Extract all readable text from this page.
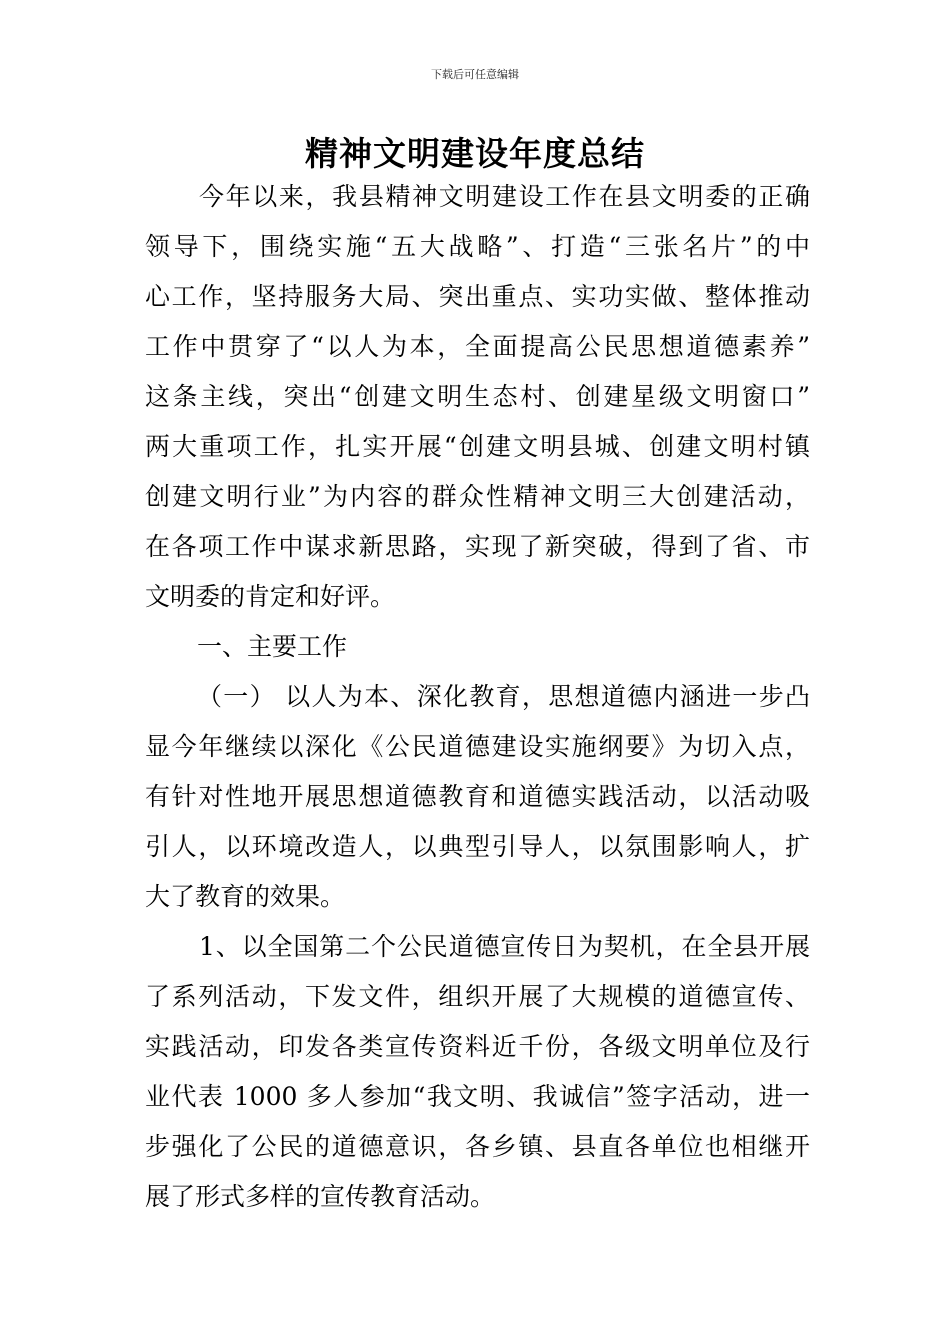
下载后可任意编辑
精神文明建设年度总结
今年以来，我县精神文明建设工作在县文明委的正确
领导下，围绕实施“五大战略”、打造“三张名片”的中
心工作，坚持服务大局、突出重点、实功实做、整体推动
工作中贯穿了“以人为本，全面提高公民思想道德素养”
这条主线，突出“创建文明生态村、创建星级文明窗口”
两大重项工作，扎实开展“创建文明县城、创建文明村镇
创建文明行业”为内容的群众性精神文明三大创建活动，
在各项工作中谋求新思路，实现了新突破，得到了省、市
文明委的肯定和好评。
一、主要工作
（一） 以人为本、深化教育，思想道德内涵进一步凸
显今年继续以深化《公民道德建设实施纲要》为切入点，
有针对性地开展思想道德教育和道德实践活动，以活动吸
引人，以环境改造人，以典型引导人，以氛围影响人，扩
大了教育的效果。
1、以全国第二个公民道德宣传日为契机，在全县开展
了系列活动，下发文件，组织开展了大规模的道德宣传、
实践活动，印发各类宣传资料近千份，各级文明单位及行
业代表 1000 多人参加“我文明、我诚信”签字活动，进一
步强化了公民的道德意识，各乡镇、县直各单位也相继开
展了形式多样的宣传教育活动。
